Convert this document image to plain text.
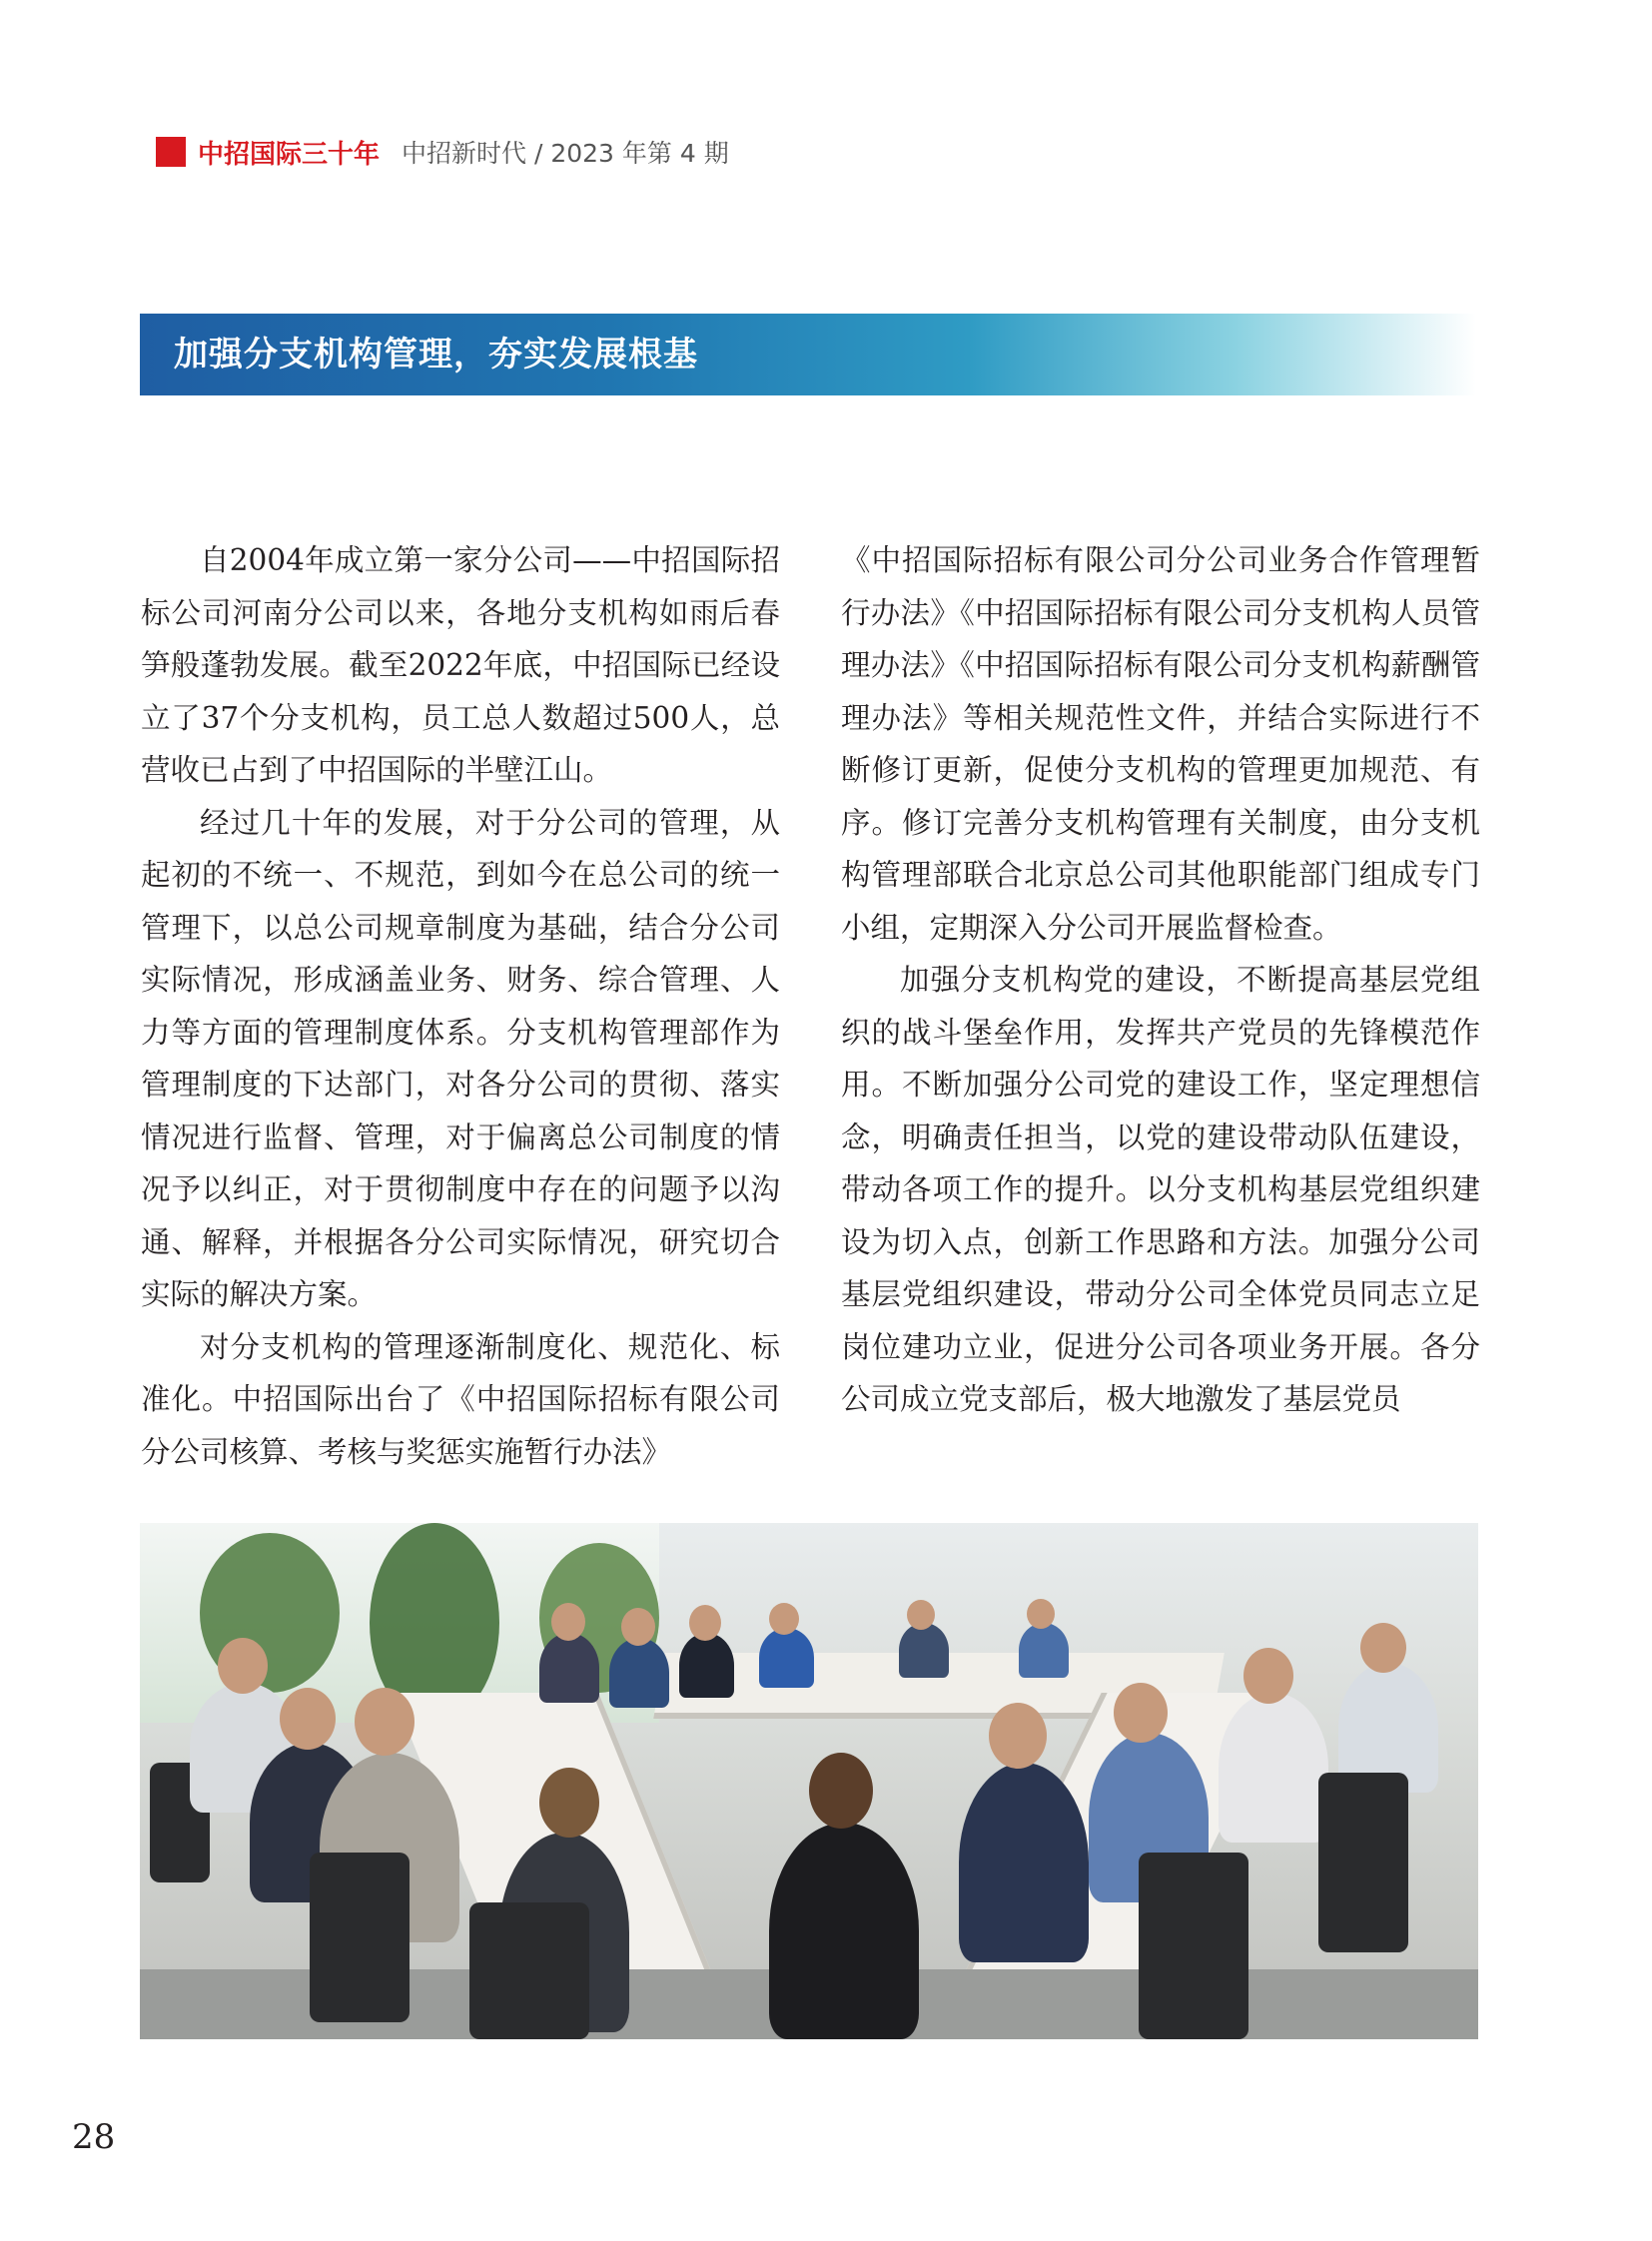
中招国际三十年 中招新时代 / 2023 年第 4 期
加强分支机构管理，夯实发展根基

自2004年成立第一家分公司——中招国际招标公司河南分公司以来，各地分支机构如雨后春笋般蓬勃发展。截至2022年底，中招国际已经设立了37个分支机构，员工总人数超过500人，总营收已占到了中招国际的半壁江山。

经过几十年的发展，对于分公司的管理，从起初的不统一、不规范，到如今在总公司的统一管理下，以总公司规章制度为基础，结合分公司实际情况，形成涵盖业务、财务、综合管理、人力等方面的管理制度体系。分支机构管理部作为管理制度的下达部门，对各分公司的贯彻、落实情况进行监督、管理，对于偏离总公司制度的情况予以纠正，对于贯彻制度中存在的问题予以沟通、解释，并根据各分公司实际情况，研究切合实际的解决方案。

对分支机构的管理逐渐制度化、规范化、标准化。中招国际出台了《中招国际招标有限公司分公司核算、考核与奖惩实施暂行办法》

《中招国际招标有限公司分公司业务合作管理暂行办法》《中招国际招标有限公司分支机构人员管理办法》《中招国际招标有限公司分支机构薪酬管理办法》等相关规范性文件，并结合实际进行不断修订更新，促使分支机构的管理更加规范、有序。修订完善分支机构管理有关制度，由分支机构管理部联合北京总公司其他职能部门组成专门小组，定期深入分公司开展监督检查。

加强分支机构党的建设，不断提高基层党组织的战斗堡垒作用，发挥共产党员的先锋模范作用。不断加强分公司党的建设工作，坚定理想信念，明确责任担当，以党的建设带动队伍建设，带动各项工作的提升。以分支机构基层党组织建设为切入点，创新工作思路和方法。加强分公司基层党组织建设，带动分公司全体党员同志立足岗位建功立业，促进分公司各项业务开展。各分公司成立党支部后，极大地激发了基层党员

28
